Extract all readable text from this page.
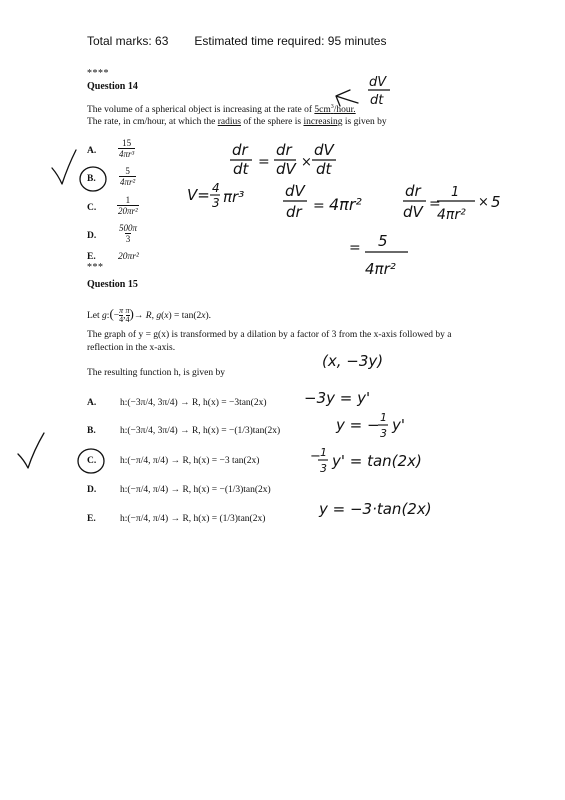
Total marks: 63 Estimated time required: 95 minutes
****
Question 14
The volume of a spherical object is increasing at the rate of $5cm^3$/hour.
The rate, in cm/hour, at which the radius of the sphere is increasing is given by
A. $\frac{15}{\text{4πr³}}$
B.	$\frac{5}{\text{4πr²}}$
C. $\frac{1}{\text{20πr²}}$
D. $\frac{500\pi}{3}$
E. 20πr²
***
Question 15
Let g:(− $\frac{\pi}{4}$ , $\frac{\pi}{4}$ )→ R, g(x) = tan(2x).
The graph of y = g(x) is transformed by a dilation by a factor of 3 from the x-axis followed by a
reflection in the x-axis.
The resulting function h, is given by
A.	h:(−3π/4, 3π/4) → R, h(x) = −3tan(2x)
B.	h:(−3π/4, 3π/4) → R, h(x) = −(1/3)tan(2x)
C.	h:(−π/4, π/4) → R, h(x) = −3 tan(2x)
D.	h:(−π/4, π/4) → R, h(x) = −(1/3)tan(2x)
E.	h:(−π/4, π/4) → R, h(x) = (1/3)tan(2x)
dV
dt
dr
dt =
dr
dV ×
dV
dt
V= 4
3 πr³	dV
dr = 4πr²
dr
dV =
1
4πr²
× 5
= 5
4πr²
(x, −3y)
−3y = y'
y = − 1
3 y'
− 1
3 y' = tan(2x)
y = −3·tan(2x)
